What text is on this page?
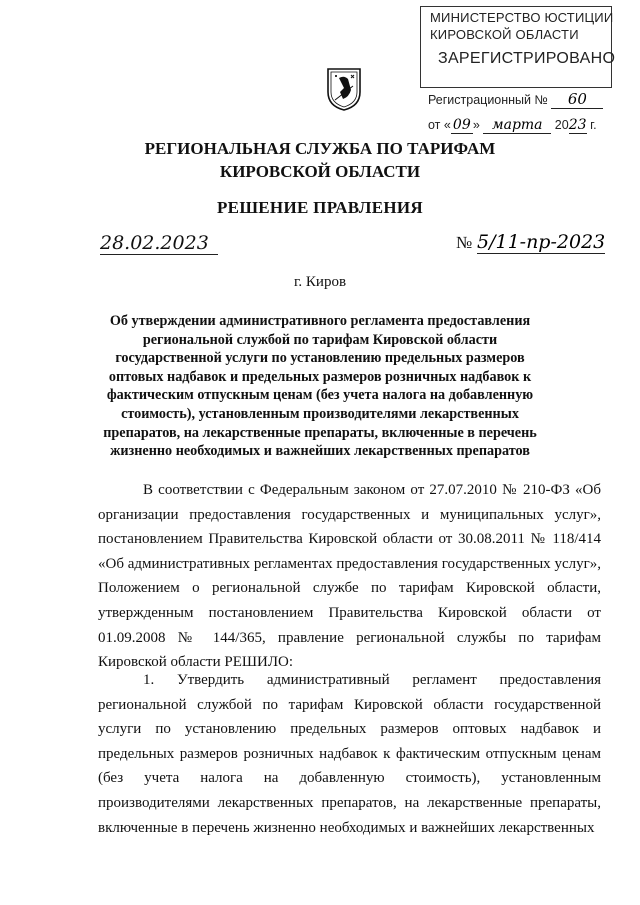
МИНИСТЕРСТВО ЮСТИЦИИ
КИРОВСКОЙ ОБЛАСТИ
ЗАРЕГИСТРИРОВАНО
Регистрационный № 60
от « 09 » марта 2023 г.
РЕГИОНАЛЬНАЯ СЛУЖБА ПО ТАРИФАМ
КИРОВСКОЙ ОБЛАСТИ
РЕШЕНИЕ ПРАВЛЕНИЯ
28.02.2023	№ 5/11-пр-2023
г. Киров
Об утверждении административного регламента предоставления региональной службой по тарифам Кировской области государственной услуги по установлению предельных размеров оптовых надбавок и предельных размеров розничных надбавок к фактическим отпускным ценам (без учета налога на добавленную стоимость), установленным производителями лекарственных препаратов, на лекарственные препараты, включенные в перечень жизненно необходимых и важнейших лекарственных препаратов
В соответствии с Федеральным законом от 27.07.2010 № 210-ФЗ «Об организации предоставления государственных и муниципальных услуг», постановлением Правительства Кировской области от 30.08.2011 № 118/414 «Об административных регламентах предоставления государственных услуг», Положением о региональной службе по тарифам Кировской области, утвержденным постановлением Правительства Кировской области от 01.09.2008 № 144/365, правление региональной службы по тарифам Кировской области РЕШИЛО:
1. Утвердить административный регламент предоставления региональной службой по тарифам Кировской области государственной услуги по установлению предельных размеров оптовых надбавок и предельных размеров розничных надбавок к фактическим отпускным ценам (без учета налога на добавленную стоимость), установленным производителями лекарственных препаратов, на лекарственные препараты, включенные в перечень жизненно необходимых и важнейших лекарственных
